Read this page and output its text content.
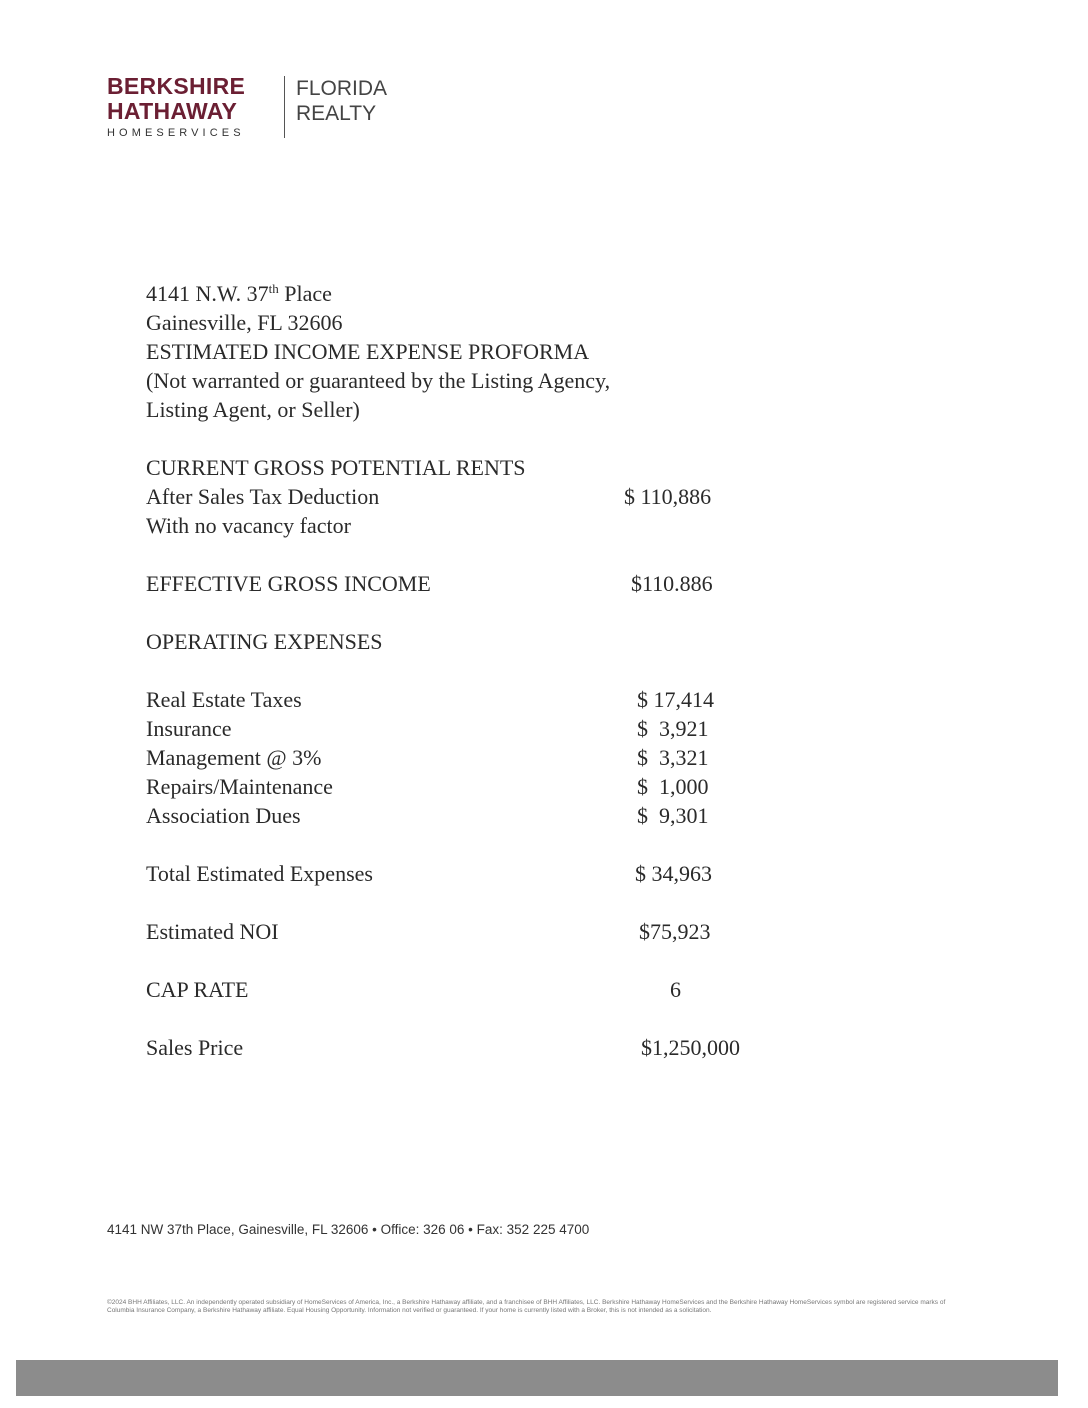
BERKSHIRE
HATHAWAY
HOMESERVICES
FLORIDA
REALTY
4141 N.W. 37th Place
Gainesville, FL 32606
ESTIMATED INCOME EXPENSE PROFORMA
(Not warranted or guaranteed by the Listing Agency,
Listing Agent, or Seller)
CURRENT GROSS POTENTIAL RENTS
After Sales Tax Deduction	$ 110,886
With no vacancy factor
EFFECTIVE GROSS INCOME	$110.886
OPERATING EXPENSES
Real Estate Taxes	$ 17,414
Insurance	$  3,921
Management @ 3%	$  3,321
Repairs/Maintenance	$  1,000
Association Dues	$  9,301
Total Estimated Expenses	$ 34,963
Estimated NOI	$75,923
CAP RATE	6
Sales Price	$1,250,000
4141 NW 37th Place, Gainesville, FL 32606 • Office: 326 06 • Fax: 352 225 4700
©2024 BHH Affiliates, LLC. An independently operated subsidiary of HomeServices of America, Inc., a Berkshire Hathaway affiliate, and a franchisee of BHH Affiliates, LLC. Berkshire Hathaway HomeServices and the Berkshire Hathaway HomeServices symbol are registered service marks of Columbia Insurance Company, a Berkshire Hathaway affiliate. Equal Housing Opportunity. Information not verified or guaranteed. If your home is currently listed with a Broker, this is not intended as a solicitation.
